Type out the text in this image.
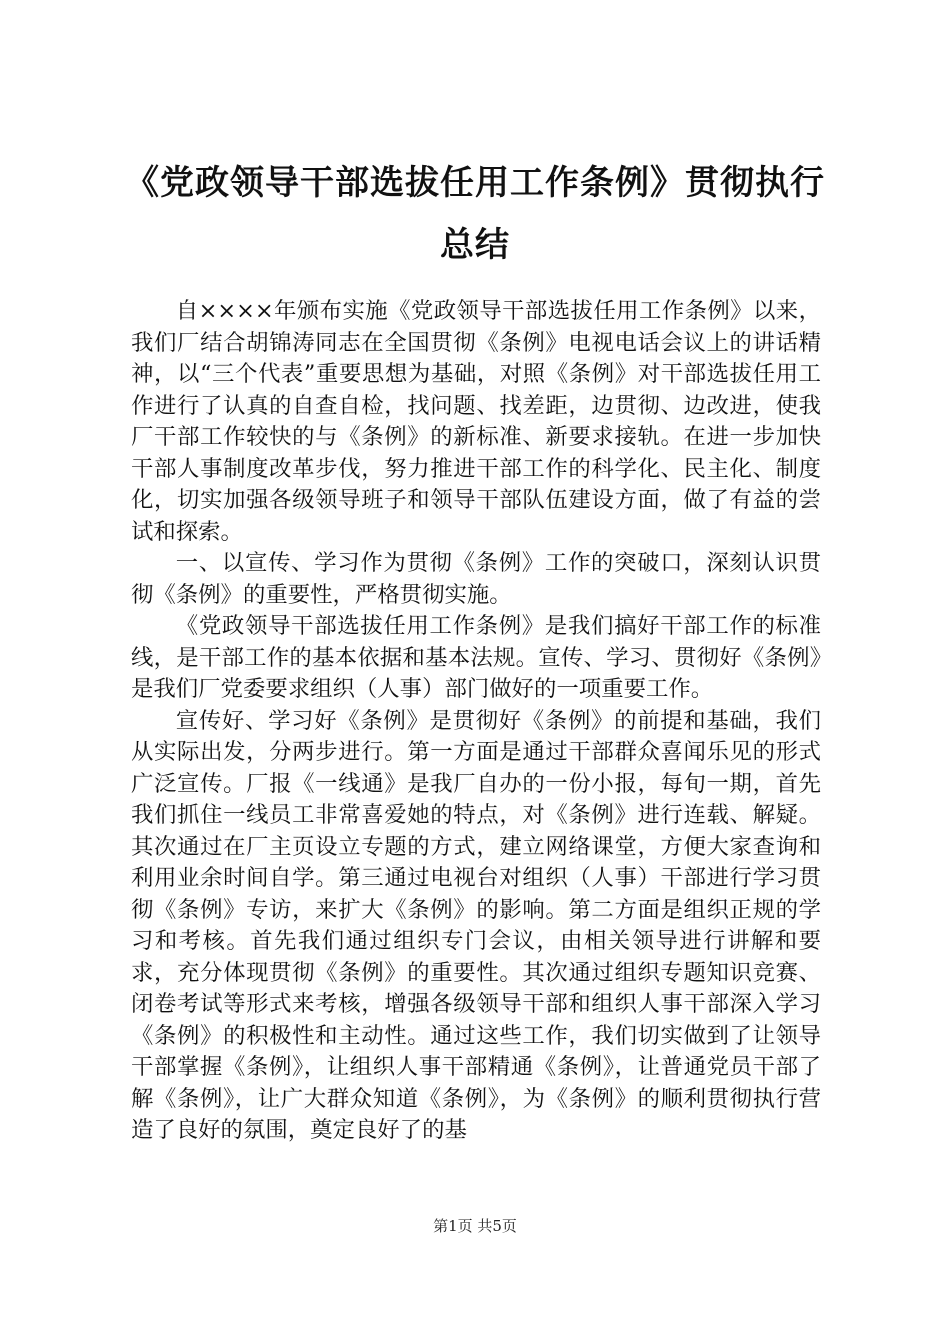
《党政领导干部选拔任用工作条例》贯彻执行总结

自××××年颁布实施《党政领导干部选拔任用工作条例》以来，我们厂结合胡锦涛同志在全国贯彻《条例》电视电话会议上的讲话精神，以“三个代表”重要思想为基础，对照《条例》对干部选拔任用工作进行了认真的自查自检，找问题、找差距，边贯彻、边改进，使我厂干部工作较快的与《条例》的新标准、新要求接轨。在进一步加快干部人事制度改革步伐，努力推进干部工作的科学化、民主化、制度化，切实加强各级领导班子和领导干部队伍建设方面，做了有益的尝试和探索。

一、以宣传、学习作为贯彻《条例》工作的突破口，深刻认识贯彻《条例》的重要性，严格贯彻实施。

《党政领导干部选拔任用工作条例》是我们搞好干部工作的标准线，是干部工作的基本依据和基本法规。宣传、学习、贯彻好《条例》是我们厂党委要求组织（人事）部门做好的一项重要工作。

宣传好、学习好《条例》是贯彻好《条例》的前提和基础，我们从实际出发，分两步进行。第一方面是通过干部群众喜闻乐见的形式广泛宣传。厂报《一线通》是我厂自办的一份小报，每旬一期，首先我们抓住一线员工非常喜爱她的特点，对《条例》进行连载、解疑。其次通过在厂主页设立专题的方式，建立网络课堂，方便大家查询和利用业余时间自学。第三通过电视台对组织（人事）干部进行学习贯彻《条例》专访，来扩大《条例》的影响。第二方面是组织正规的学习和考核。首先我们通过组织专门会议，由相关领导进行讲解和要求，充分体现贯彻《条例》的重要性。其次通过组织专题知识竞赛、闭卷考试等形式来考核，增强各级领导干部和组织人事干部深入学习《条例》的积极性和主动性。通过这些工作，我们切实做到了让领导干部掌握《条例》，让组织人事干部精通《条例》，让普通党员干部了解《条例》，让广大群众知道《条例》，为《条例》的顺利贯彻执行营造了良好的氛围，奠定良好了的基

第1页 共5页
